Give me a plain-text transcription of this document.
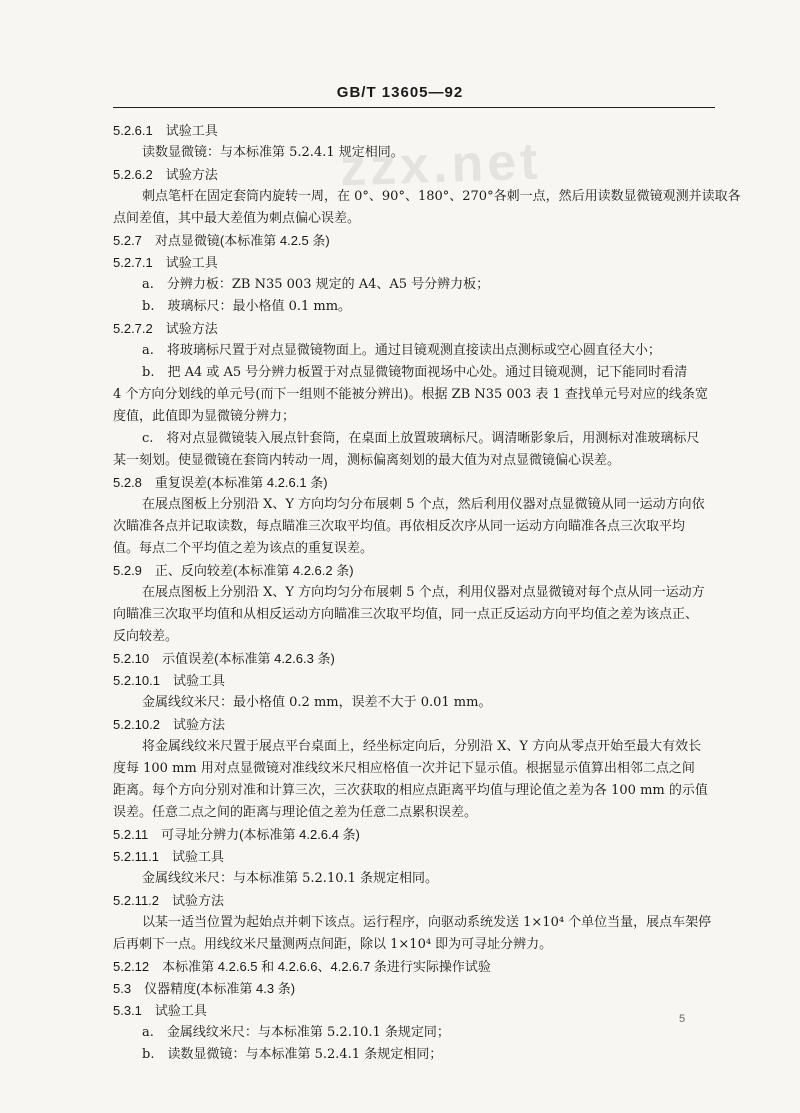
GB/T 13605—92
zzx.net
5.2.6.1　试验工具
读数显微镜：与本标准第 5.2.4.1 规定相同。
5.2.6.2　试验方法
刺点笔杆在固定套筒内旋转一周，在 0°、90°、180°、270°各刺一点，然后用读数显微镜观测并读取各
点间差值，其中最大差值为刺点偏心误差。
5.2.7　对点显微镜(本标准第 4.2.5 条)
5.2.7.1　试验工具
a.　分辨力板：ZB N35 003 规定的 A4、A5 号分辨力板；
b.　玻璃标尺：最小格值 0.1 mm。
5.2.7.2　试验方法
a.　将玻璃标尺置于对点显微镜物面上。通过目镜观测直接读出点测标或空心圆直径大小；
b.　把 A4 或 A5 号分辨力板置于对点显微镜物面视场中心处。通过目镜观测，记下能同时看清
4 个方向分划线的单元号(而下一组则不能被分辨出)。根据 ZB N35 003 表 1 查找单元号对应的线条宽
度值，此值即为显微镜分辨力；
c.　将对点显微镜装入展点针套筒，在桌面上放置玻璃标尺。调清晰影象后，用测标对准玻璃标尺
某一刻划。使显微镜在套筒内转动一周，测标偏离刻划的最大值为对点显微镜偏心误差。
5.2.8　重复误差(本标准第 4.2.6.1 条)
在展点图板上分别沿 X、Y 方向均匀分布展刺 5 个点，然后利用仪器对点显微镜从同一运动方向依
次瞄准各点并记取读数，每点瞄准三次取平均值。再依相反次序从同一运动方向瞄准各点三次取平均
值。每点二个平均值之差为该点的重复误差。
5.2.9　正、反向较差(本标准第 4.2.6.2 条)
在展点图板上分别沿 X、Y 方向均匀分布展刺 5 个点，利用仪器对点显微镜对每个点从同一运动方
向瞄准三次取平均值和从相反运动方向瞄准三次取平均值，同一点正反运动方向平均值之差为该点正、
反向较差。
5.2.10　示值误差(本标准第 4.2.6.3 条)
5.2.10.1　试验工具
金属线纹米尺：最小格值 0.2 mm，误差不大于 0.01 mm。
5.2.10.2　试验方法
将金属线纹米尺置于展点平台桌面上，经坐标定向后，分别沿 X、Y 方向从零点开始至最大有效长
度每 100 mm 用对点显微镜对准线纹米尺相应格值一次并记下显示值。根据显示值算出相邻二点之间
距离。每个方向分别对准和计算三次，三次获取的相应点距离平均值与理论值之差为各 100 mm 的示值
误差。任意二点之间的距离与理论值之差为任意二点累积误差。
5.2.11　可寻址分辨力(本标准第 4.2.6.4 条)
5.2.11.1　试验工具
金属线纹米尺：与本标准第 5.2.10.1 条规定相同。
5.2.11.2　试验方法
以某一适当位置为起始点并刺下该点。运行程序，向驱动系统发送 1×10⁴ 个单位当量，展点车架停
后再刺下一点。用线纹米尺量测两点间距，除以 1×10⁴ 即为可寻址分辨力。
5.2.12　本标准第 4.2.6.5 和 4.2.6.6、4.2.6.7 条进行实际操作试验
5.3　仪器精度(本标准第 4.3 条)
5.3.1　试验工具
a.　金属线纹米尺：与本标准第 5.2.10.1 条规定同；
b.　读数显微镜：与本标准第 5.2.4.1 条规定相同；
5
